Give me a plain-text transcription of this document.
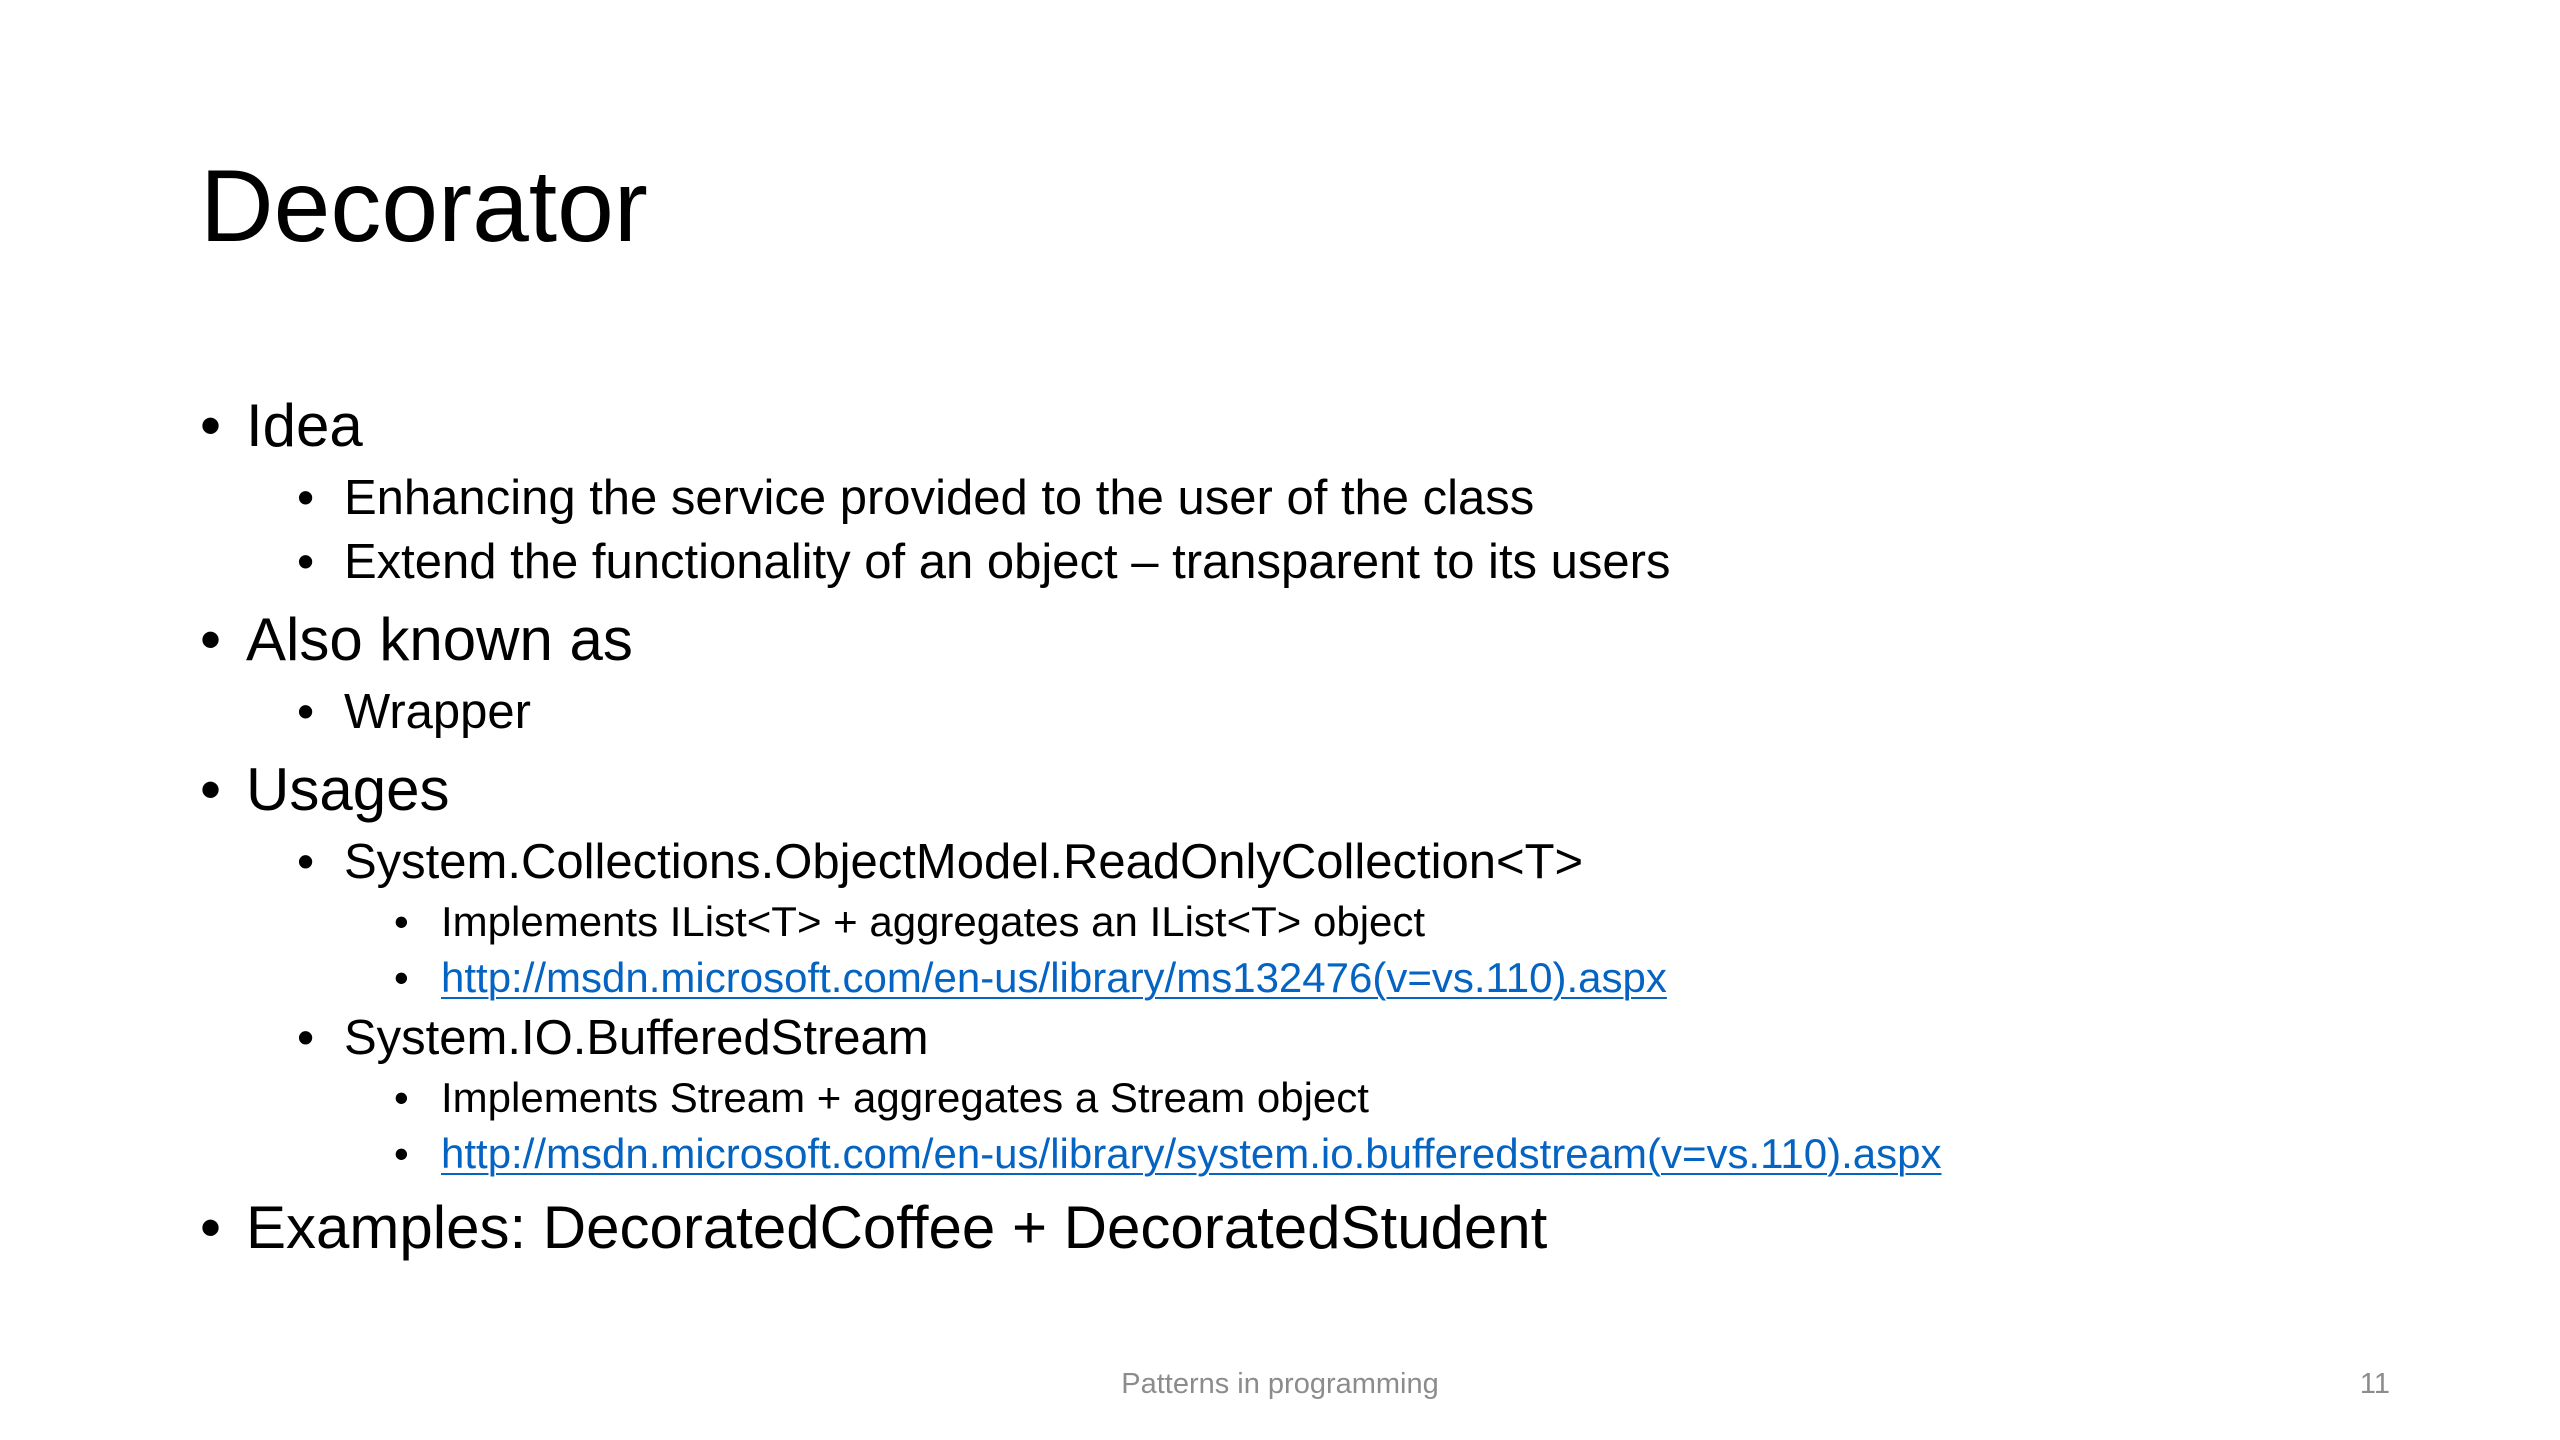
Decorator
• Idea
• Enhancing the service provided to the user of the class
• Extend the functionality of an object – transparent to its users
• Also known as
• Wrapper
• Usages
• System.Collections.ObjectModel.ReadOnlyCollection<T>
• Implements IList<T> + aggregates an IList<T> object
• http://msdn.microsoft.com/en-us/library/ms132476(v=vs.110).aspx
• System.IO.BufferedStream
• Implements Stream + aggregates a Stream object
• http://msdn.microsoft.com/en-us/library/system.io.bufferedstream(v=vs.110).aspx
• Examples: DecoratedCoffee + DecoratedStudent
Patterns in programming	11
